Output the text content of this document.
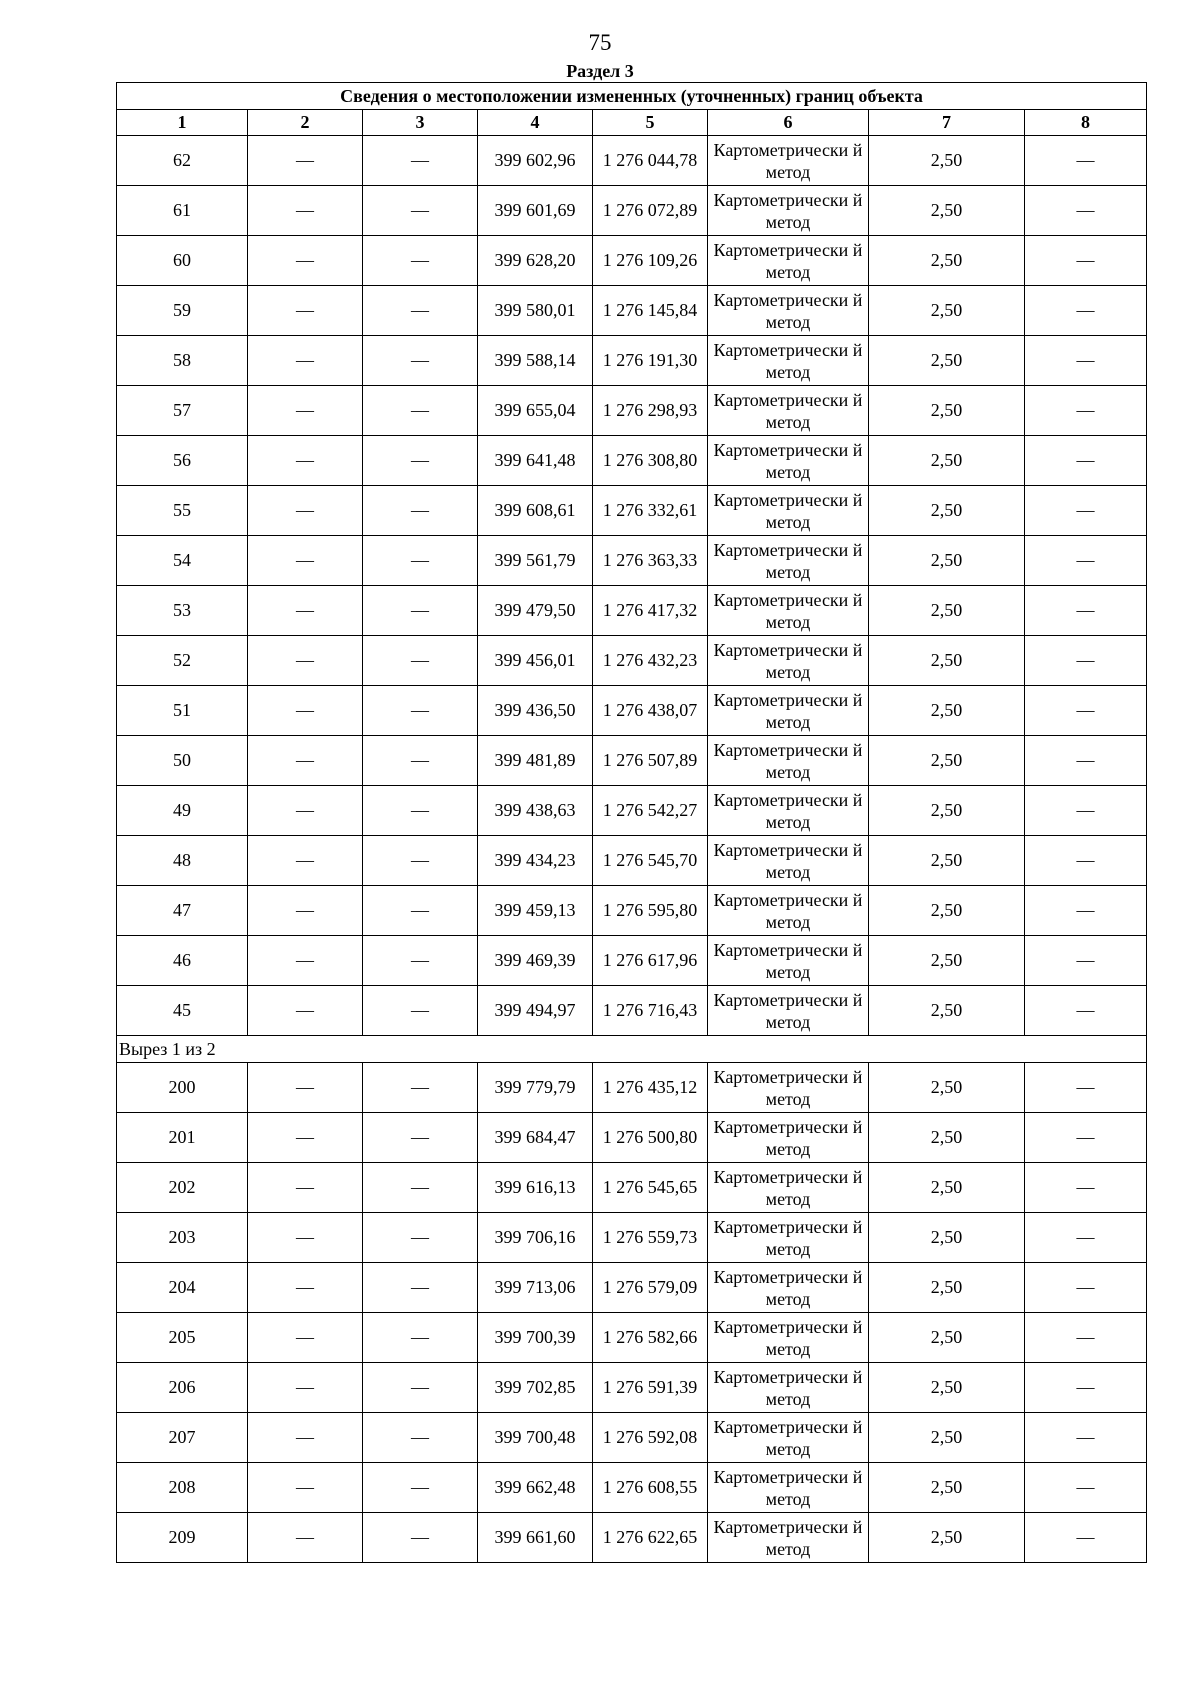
75
Раздел 3
Сведения о местоположении измененных (уточненных) границ объекта							
1	2	3	4	5	6	7	8
62	—	—	399 602,96	1 276 044,78	Картометрически й метод	2,50	—
61	—	—	399 601,69	1 276 072,89	Картометрически й метод	2,50	—
60	—	—	399 628,20	1 276 109,26	Картометрически й метод	2,50	—
59	—	—	399 580,01	1 276 145,84	Картометрически й метод	2,50	—
58	—	—	399 588,14	1 276 191,30	Картометрически й метод	2,50	—
57	—	—	399 655,04	1 276 298,93	Картометрически й метод	2,50	—
56	—	—	399 641,48	1 276 308,80	Картометрически й метод	2,50	—
55	—	—	399 608,61	1 276 332,61	Картометрически й метод	2,50	—
54	—	—	399 561,79	1 276 363,33	Картометрически й метод	2,50	—
53	—	—	399 479,50	1 276 417,32	Картометрически й метод	2,50	—
52	—	—	399 456,01	1 276 432,23	Картометрически й метод	2,50	—
51	—	—	399 436,50	1 276 438,07	Картометрически й метод	2,50	—
50	—	—	399 481,89	1 276 507,89	Картометрически й метод	2,50	—
49	—	—	399 438,63	1 276 542,27	Картометрически й метод	2,50	—
48	—	—	399 434,23	1 276 545,70	Картометрически й метод	2,50	—
47	—	—	399 459,13	1 276 595,80	Картометрически й метод	2,50	—
46	—	—	399 469,39	1 276 617,96	Картометрически й метод	2,50	—
45	—	—	399 494,97	1 276 716,43	Картометрически й метод	2,50	—
Вырез 1 из 2							
200	—	—	399 779,79	1 276 435,12	Картометрически й метод	2,50	—
201	—	—	399 684,47	1 276 500,80	Картометрически й метод	2,50	—
202	—	—	399 616,13	1 276 545,65	Картометрически й метод	2,50	—
203	—	—	399 706,16	1 276 559,73	Картометрически й метод	2,50	—
204	—	—	399 713,06	1 276 579,09	Картометрически й метод	2,50	—
205	—	—	399 700,39	1 276 582,66	Картометрически й метод	2,50	—
206	—	—	399 702,85	1 276 591,39	Картометрически й метод	2,50	—
207	—	—	399 700,48	1 276 592,08	Картометрически й метод	2,50	—
208	—	—	399 662,48	1 276 608,55	Картометрически й метод	2,50	—
209	—	—	399 661,60	1 276 622,65	Картометрически й метод	2,50	—
